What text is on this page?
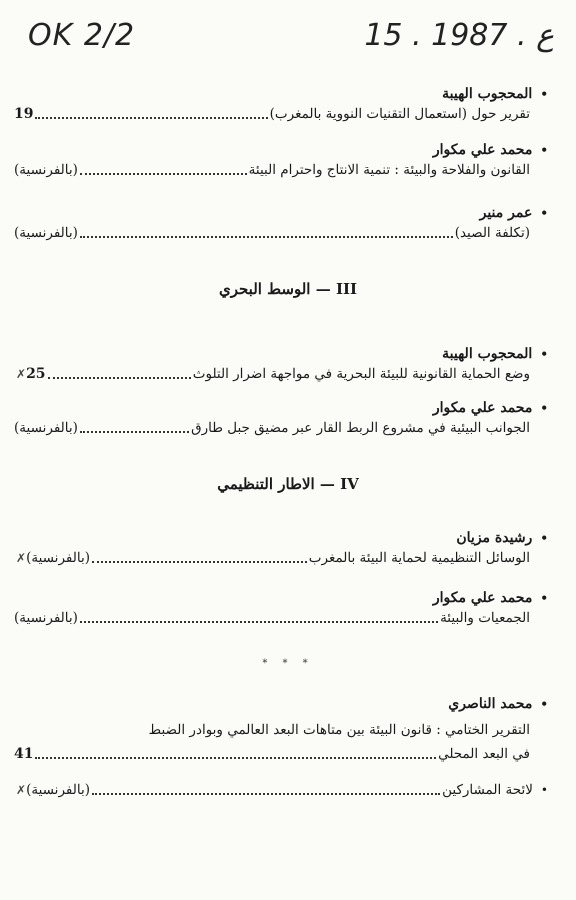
OK 2/2	15 . ع . 1987
•المحجوب الهيبة
تقرير حول (استعمال التقنيات النووية بالمغرب)
19
•محمد علي مكوار
القانون والفلاحة والبيئة : تنمية الانتاج واحترام البيئة
(بالفرنسية)
•عمر منير
(تكلفة الصيد)
(بالفرنسية)
III — الوسط البحري
•المحجوب الهيبة
وضع الحماية القانونية للبيئة البحرية في مواجهة اضرار التلوث
✗25
•محمد علي مكوار
الجوانب البيئية في مشروع الربط القار عبر مضيق جبل طارق
(بالفرنسية)
IV — الاطار التنظيمي
•رشيدة مزيان
الوسائل التنظيمية لحماية البيئة بالمغرب
(بالفرنسية)✗
•محمد علي مكوار
الجمعيات والبيئة
(بالفرنسية)
* * *
•محمد الناصري
التقرير الختامي : قانون البيئة بين متاهات البعد العالمي وبوادر الضبط
في البعد المحلي
41
•لائحة المشاركين
(بالفرنسية)✗
